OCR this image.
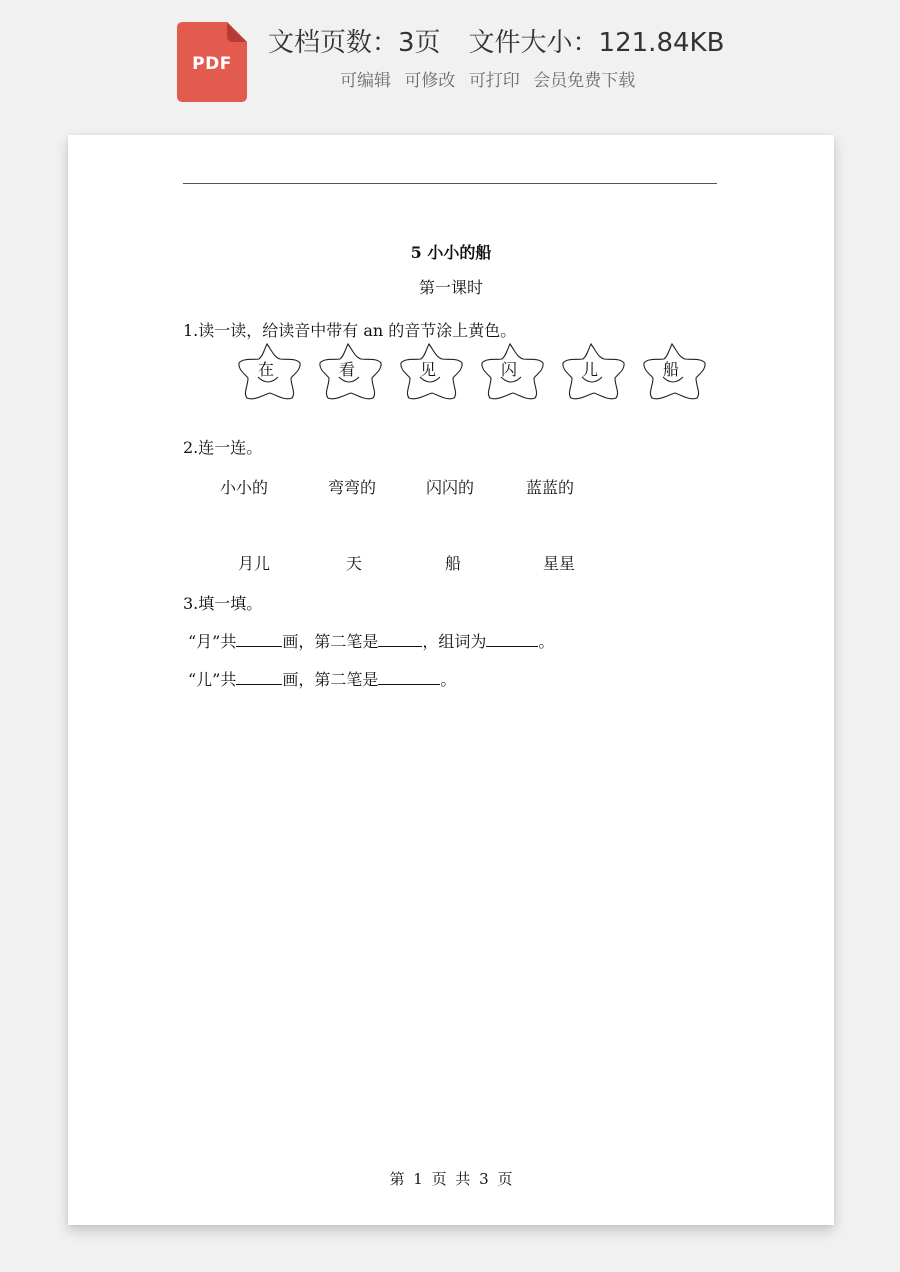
PDF
文档页数：3页 文件大小：121.84KB
可编辑 可修改 可打印 会员免费下载
5 小小的船
第一课时
1.读一读，给读音中带有 an 的音节涂上黄色。
在	看	见	闪	儿	船
2.连一连。
小小的	弯弯的	闪闪的	蓝蓝的
月儿	天	船	星星
3.填一填。
“月”共	画，第二笔是	，组词为	。
“儿”共	画，第二笔是	。
第 1 页 共 3 页
